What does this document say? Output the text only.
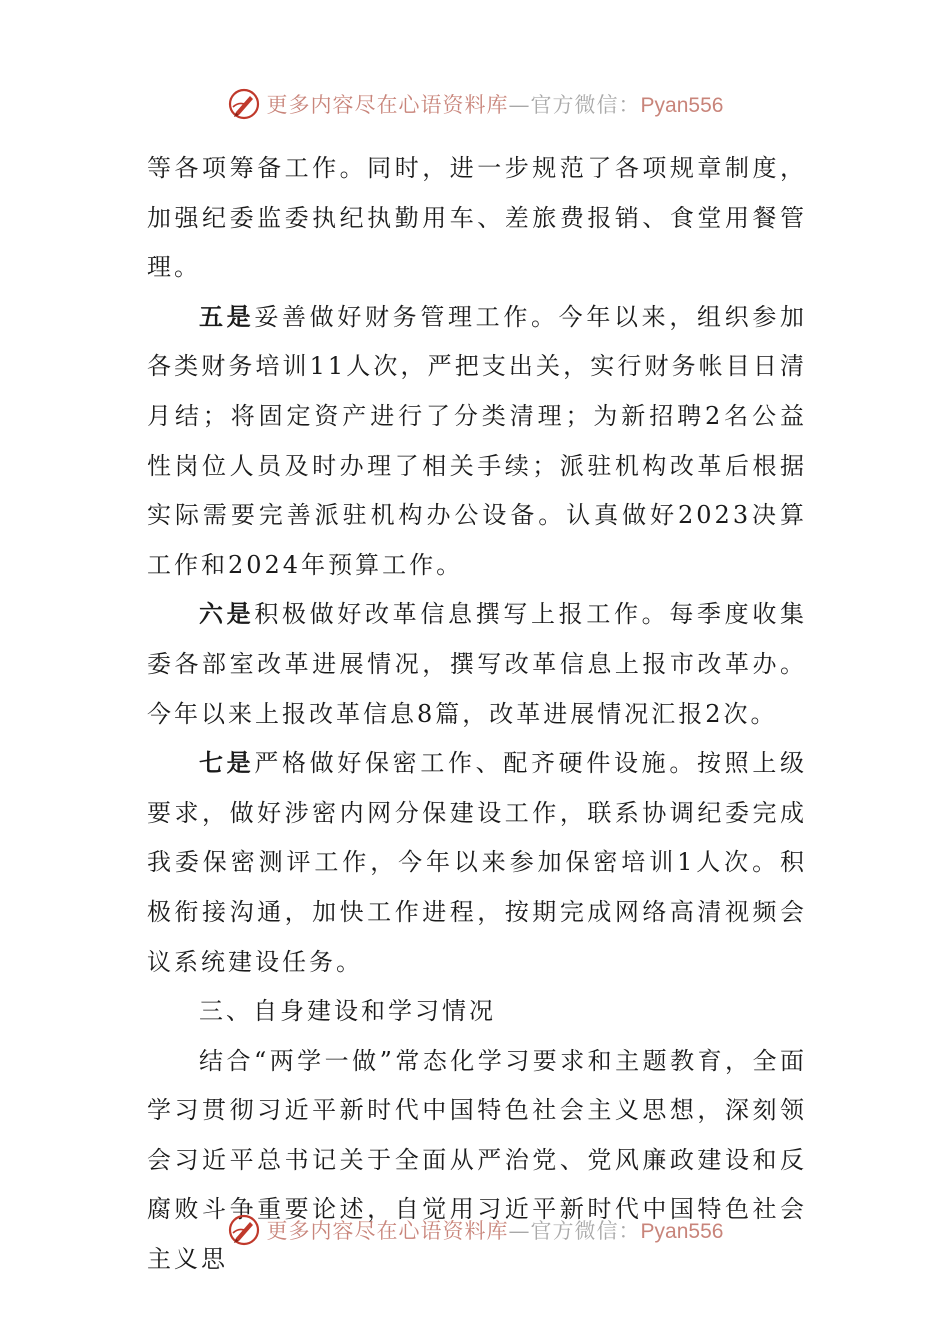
更多内容尽在心语资料库—官方微信：Pyan556

等各项筹备工作。同时，进一步规范了各项规章制度，加强纪委监委执纪执勤用车、差旅费报销、食堂用餐管理。

五是妥善做好财务管理工作。今年以来，组织参加各类财务培训11人次，严把支出关，实行财务帐目日清月结；将固定资产进行了分类清理；为新招聘2名公益性岗位人员及时办理了相关手续；派驻机构改革后根据实际需要完善派驻机构办公设备。认真做好2023决算工作和2024年预算工作。

六是积极做好改革信息撰写上报工作。每季度收集委各部室改革进展情况，撰写改革信息上报市改革办。今年以来上报改革信息8篇，改革进展情况汇报2次。

七是严格做好保密工作、配齐硬件设施。按照上级要求，做好涉密内网分保建设工作，联系协调纪委完成我委保密测评工作，今年以来参加保密培训1人次。积极衔接沟通，加快工作进程，按期完成网络高清视频会议系统建设任务。

三、自身建设和学习情况

结合“两学一做”常态化学习要求和主题教育，全面学习贯彻习近平新时代中国特色社会主义思想，深刻领会习近平总书记关于全面从严治党、党风廉政建设和反腐败斗争重要论述，自觉用习近平新时代中国特色社会主义思

更多内容尽在心语资料库—官方微信：Pyan556
